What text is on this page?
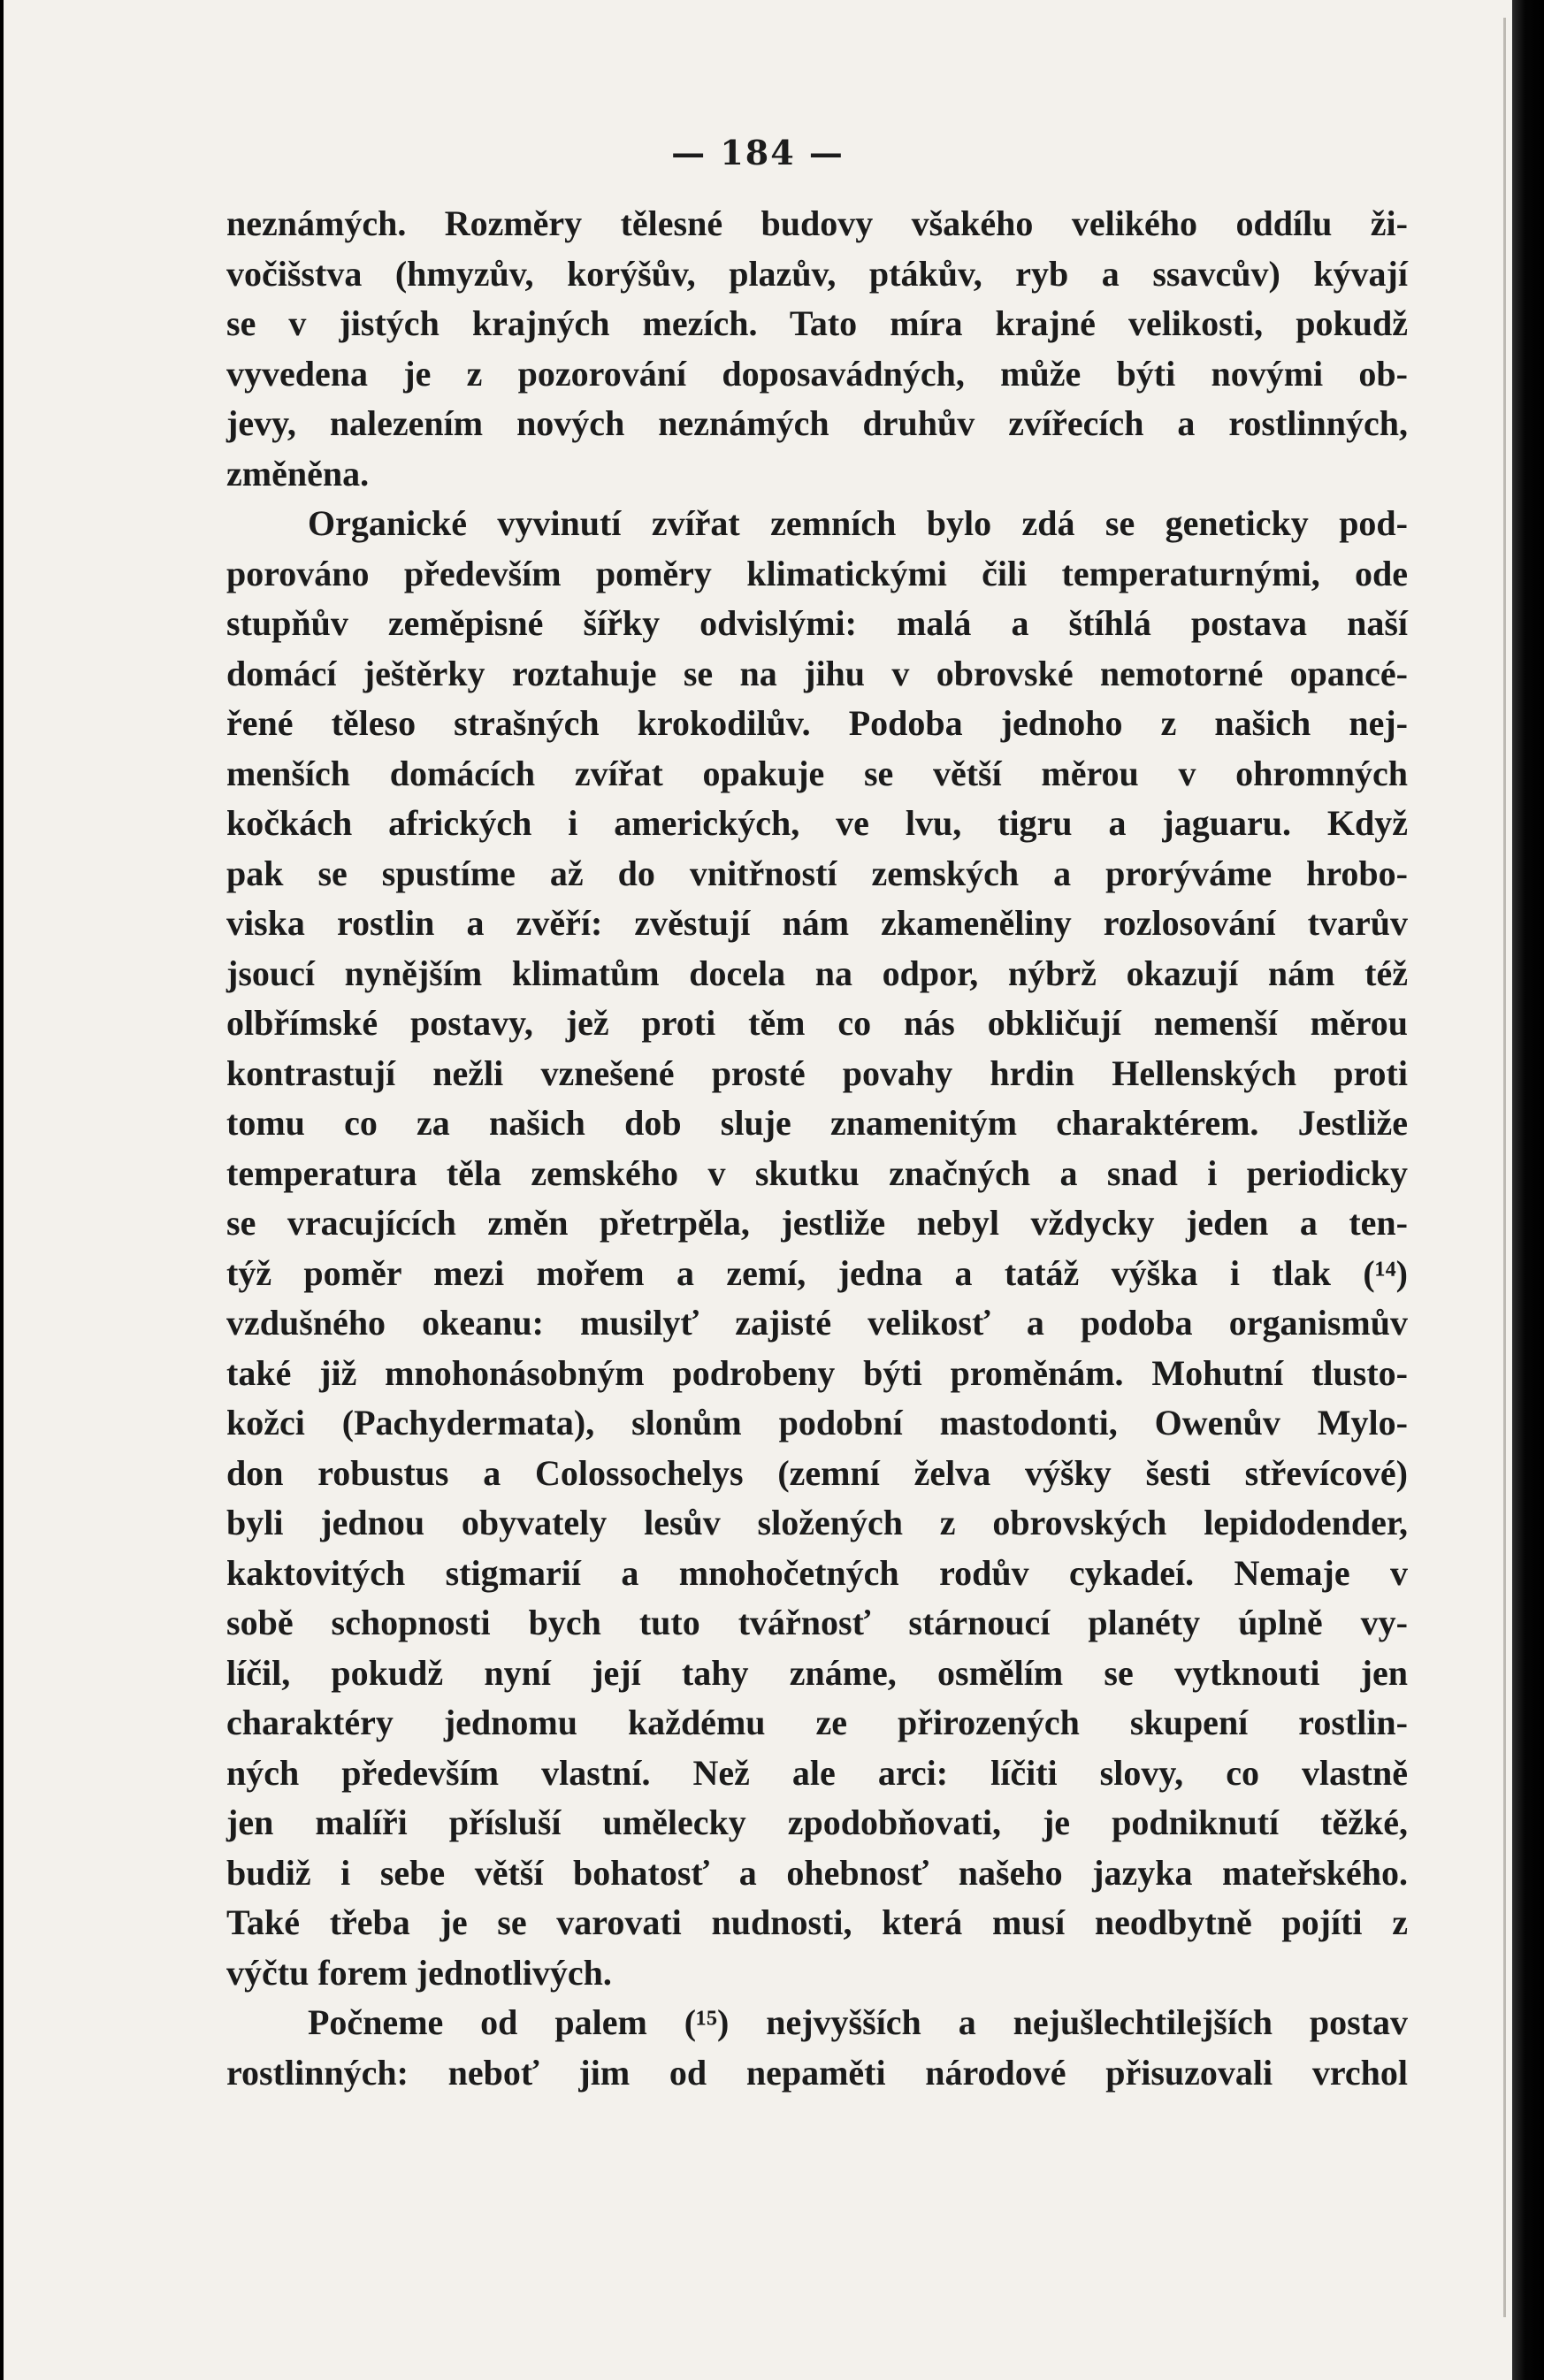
— 184 —
neznámých. Rozměry tělesné budovy všakého velikého oddílu ži-
vočišstva (hmyzův, korýšův, plazův, ptákův, ryb a ssavcův) kývají
se v jistých krajných mezích. Tato míra krajné velikosti, pokudž
vyvedena je z pozorování doposavádných, může býti novými ob-
jevy, nalezením nových neznámých druhův zvířecích a rostlinných,
změněna.
Organické vyvinutí zvířat zemních bylo zdá se geneticky pod-
porováno především poměry klimatickými čili temperaturnými, ode
stupňův zeměpisné šířky odvislými: malá a štíhlá postava naší
domácí ještěrky roztahuje se na jihu v obrovské nemotorné opancé-
řené těleso strašných krokodilův. Podoba jednoho z našich nej-
menších domácích zvířat opakuje se větší měrou v ohromných
kočkách afrických i amerických, ve lvu, tigru a jaguaru. Když
pak se spustíme až do vnitřností zemských a prorýváme hrobo-
viska rostlin a zvěří: zvěstují nám zkameněliny rozlosování tvarův
jsoucí nynějším klimatům docela na odpor, nýbrž okazují nám též
olbřímské postavy, jež proti těm co nás obkličují nemenší měrou
kontrastují nežli vznešené prosté povahy hrdin Hellenských proti
tomu co za našich dob sluje znamenitým charaktérem. Jestliže
temperatura těla zemského v skutku značných a snad i periodicky
se vracujících změn přetrpěla, jestliže nebyl vždycky jeden a ten-
týž poměr mezi mořem a zemí, jedna a tatáž výška i tlak (¹⁴)
vzdušného okeanu: musilyť zajisté velikosť a podoba organismův
také již mnohonásobným podrobeny býti proměnám. Mohutní tlusto-
kožci (Pachydermata), slonům podobní mastodonti, Owenův Mylo-
don robustus a Colossochelys (zemní želva výšky šesti střevícové)
byli jednou obyvately lesův složených z obrovských lepidodender,
kaktovitých stigmarií a mnohočetných rodův cykadeí. Nemaje v
sobě schopnosti bych tuto tvářnosť stárnoucí planéty úplně vy-
líčil, pokudž nyní její tahy známe, osmělím se vytknouti jen
charaktéry jednomu každému ze přirozených skupení rostlin-
ných především vlastní. Než ale arci: líčiti slovy, co vlastně
jen malíři přísluší umělecky zpodobňovati, je podniknutí těžké,
budiž i sebe větší bohatosť a ohebnosť našeho jazyka mateřského.
Také třeba je se varovati nudnosti, která musí neodbytně pojíti z
výčtu forem jednotlivých.
Počneme od palem (¹⁵) nejvyšších a nejušlechtilejších postav
rostlinných: neboť jim od nepaměti národové přisuzovali vrchol
